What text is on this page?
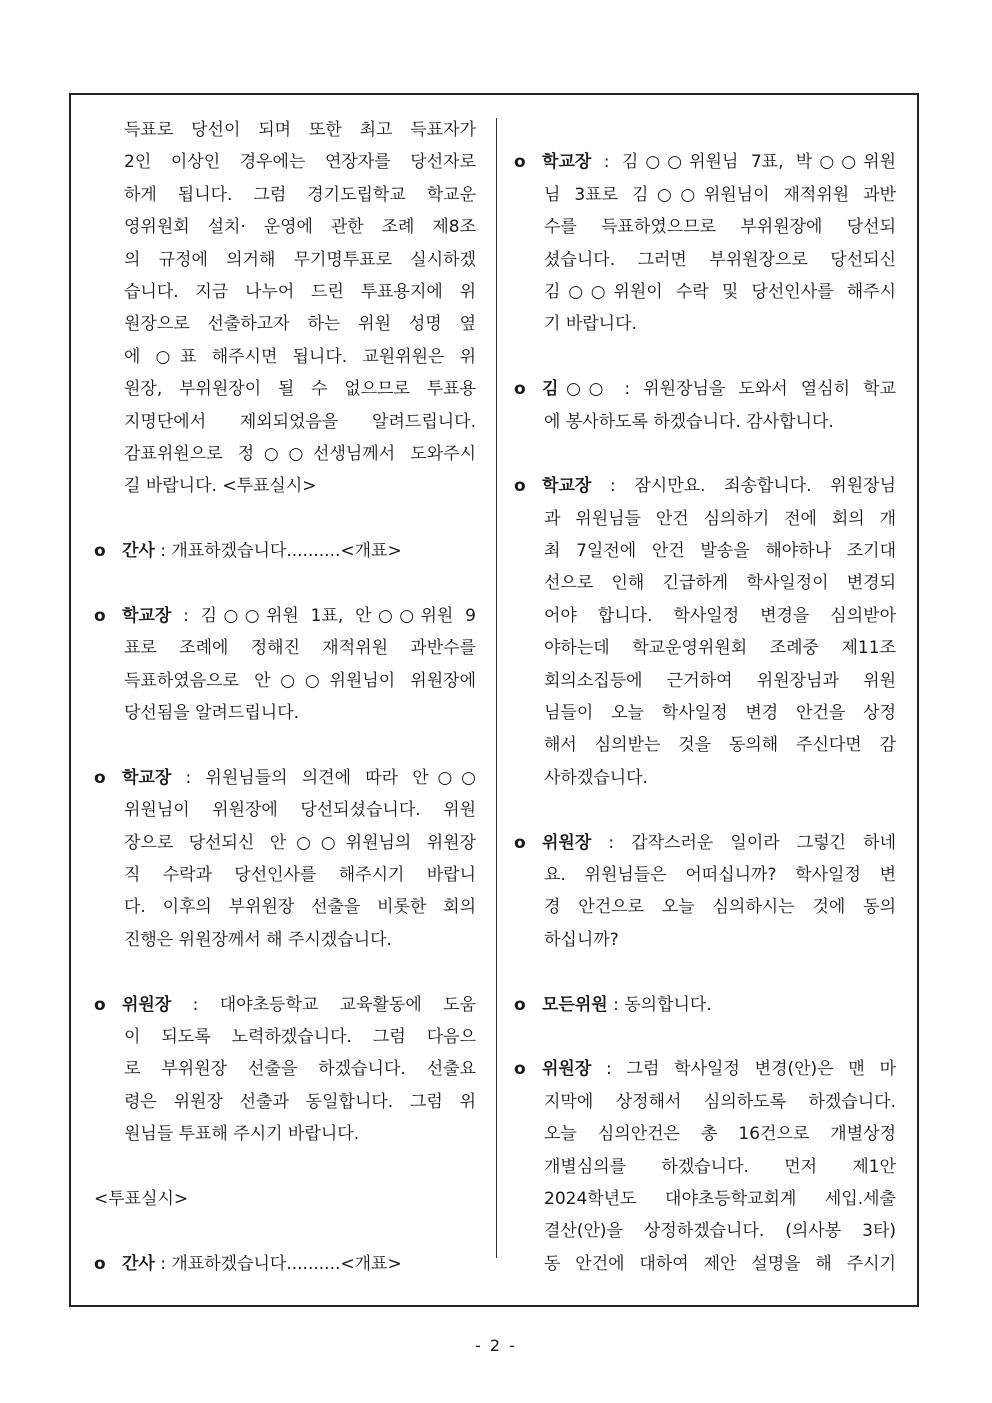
득표로 당선이 되며 또한 최고 득표자가
2인 이상인 경우에는 연장자를 당선자로
하게 됩니다. 그럼 경기도립학교 학교운
영위원회 설치· 운영에 관한 조례 제8조
의 규정에 의거해 무기명투표로 실시하겠
습니다. 지금 나누어 드린 투표용지에 위
원장으로 선출하고자 하는 위원 성명 옆
에 ○표 해주시면 됩니다. 교원위원은 위
원장, 부위원장이 될 수 없으므로 투표용
지명단에서 제외되었음을 알려드립니다.
감표위원으로 정○○선생님께서 도와주시
길 바랍니다. <투표실시>
o 간사 : 개표하겠습니다..........<개표>
o 학교장 : 김○○위원 1표, 안○○위원 9
표로 조례에 정해진 재적위원 과반수를
득표하였음으로 안○○위원님이 위원장에
당선됨을 알려드립니다.
o 학교장 : 위원님들의 의견에 따라 안○○
위원님이 위원장에 당선되셨습니다. 위원
장으로 당선되신 안○○위원님의 위원장
직 수락과 당선인사를 해주시기 바랍니
다. 이후의 부위원장 선출을 비롯한 회의
진행은 위원장께서 해 주시겠습니다.
o 위원장 : 대야초등학교 교육활동에 도움
이 되도록 노력하겠습니다. 그럼 다음으
로 부위원장 선출을 하겠습니다. 선출요
령은 위원장 선출과 동일합니다. 그럼 위
원님들 투표해 주시기 바랍니다.
<투표실시>
o 간사 : 개표하겠습니다..........<개표>
o 학교장 : 김○○위원님 7표, 박○○위원
님 3표로 김○○위원님이 재적위원 과반
수를 득표하였으므로 부위원장에 당선되
셨습니다. 그러면 부위원장으로 당선되신
김○○위원이 수락 및 당선인사를 해주시
기 바랍니다.
o 김○○ : 위원장님을 도와서 열심히 학교
에 봉사하도록 하겠습니다. 감사합니다.
o 학교장 : 잠시만요. 죄송합니다. 위원장님
과 위원님들 안건 심의하기 전에 회의 개
최 7일전에 안건 발송을 해야하나 조기대
선으로 인해 긴급하게 학사일정이 변경되
어야 합니다. 학사일정 변경을 심의받아
야하는데 학교운영위원회 조례중 제11조
회의소집등에 근거하여 위원장님과 위원
님들이 오늘 학사일정 변경 안건을 상정
해서 심의받는 것을 동의해 주신다면 감
사하겠습니다.
o 위원장 : 갑작스러운 일이라 그렇긴 하네
요. 위원님들은 어떠십니까? 학사일정 변
경 안건으로 오늘 심의하시는 것에 동의
하십니까?
o 모든위원 : 동의합니다.
o 위원장 : 그럼 학사일정 변경(안)은 맨 마
지막에 상정해서 심의하도록 하겠습니다.
오늘 심의안건은 총 16건으로 개별상정
개별심의를 하겠습니다. 먼저 제1안
2024학년도 대야초등학교회계 세입.세출
결산(안)을 상정하겠습니다. (의사봉 3타)
동 안건에 대하여 제안 설명을 해 주시기
- 2 -
